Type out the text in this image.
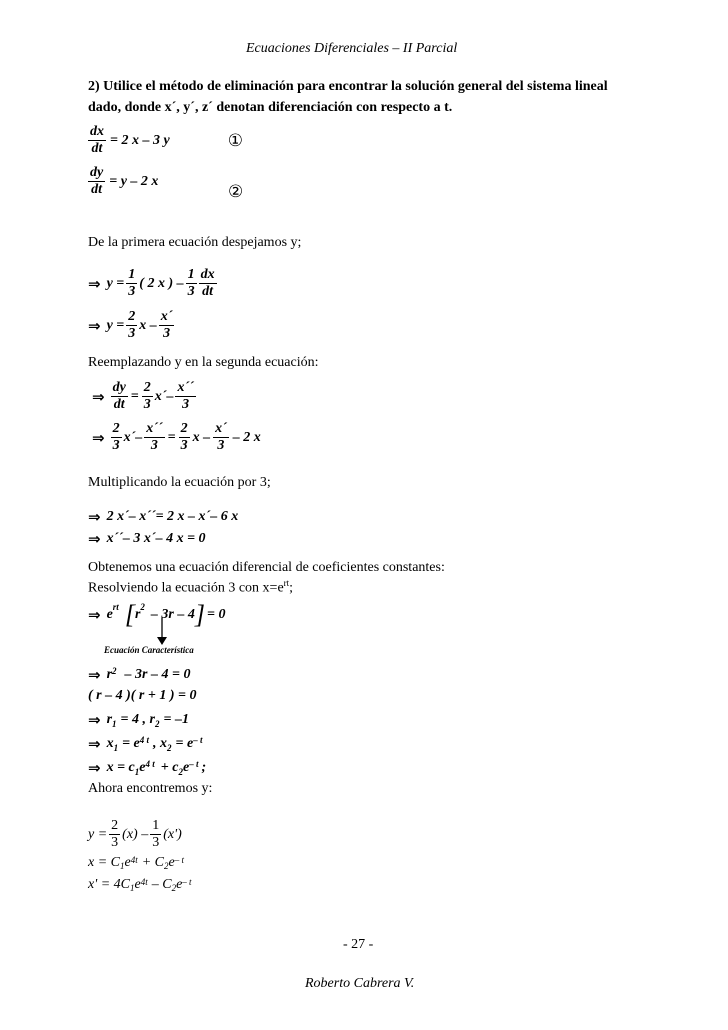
Ecuaciones Diferenciales – II Parcial
2) Utilice el método de eliminación para encontrar la solución general del sistema lineal
dado, donde x´, y´, z´ denotan diferenciación con respecto a t.
$\frac{dx}{dt} = 2$ x – 3 y	①
$\frac{dy}{dt} = y - 2$ x
②
De la primera ecuación despejamos y;
⇒ $y = \frac{1}{3}$ ( 2 x ) – $\frac{1}{3} \frac{dx}{dt}$
⇒ $y = \frac{2}{3}$ x – $\frac{x´}{3}$
Reemplazando y en la segunda ecuación:
⇒ $\frac{dy}{dt} = \frac{2}{3}$ x´– $\frac{x´´}{3}$
⇒ $\frac{2}{3}$ x´– $\frac{x´´}{3} = \frac{2}{3}$ x – $\frac{x´}{3} - 2$ x
Multiplicando la ecuación por 3;
⇒ 2 x´– x´´= 2 x – x´– 6 x
⇒ x´´– 3 x´– 4 x = 0
Obtenemos una ecuación diferencial de coeficientes constantes:
Resolviendo la ecuación 3 con $x=e^{rt}$;
⇒ $e^{rt}$ [ $r^2 - 3r - 4$ ] = 0
Ecuación Característica
⇒ $r^2 - 3r - 4 = 0$
( r – 4 )( r + 1 ) = 0
⇒ $r_1 = 4$ , $r_2 = -1$
⇒ $x_1 = e^{4 t}$ , $x_2 = e^{- t}$
⇒ $x = c_1$ $e^{4 t} + c_2$ $e^{- t}$ ;
Ahora encontremos y:
$y = \frac{2}{3} (x) - \frac{1}{3} (x')$
$x = C_1$ $e^{4t} + C_2$ $e^{- t}$
$x' = 4C_1$ $e^{4t} - C_2$ $e^{- t}$
- 27 -
Roberto Cabrera V.
